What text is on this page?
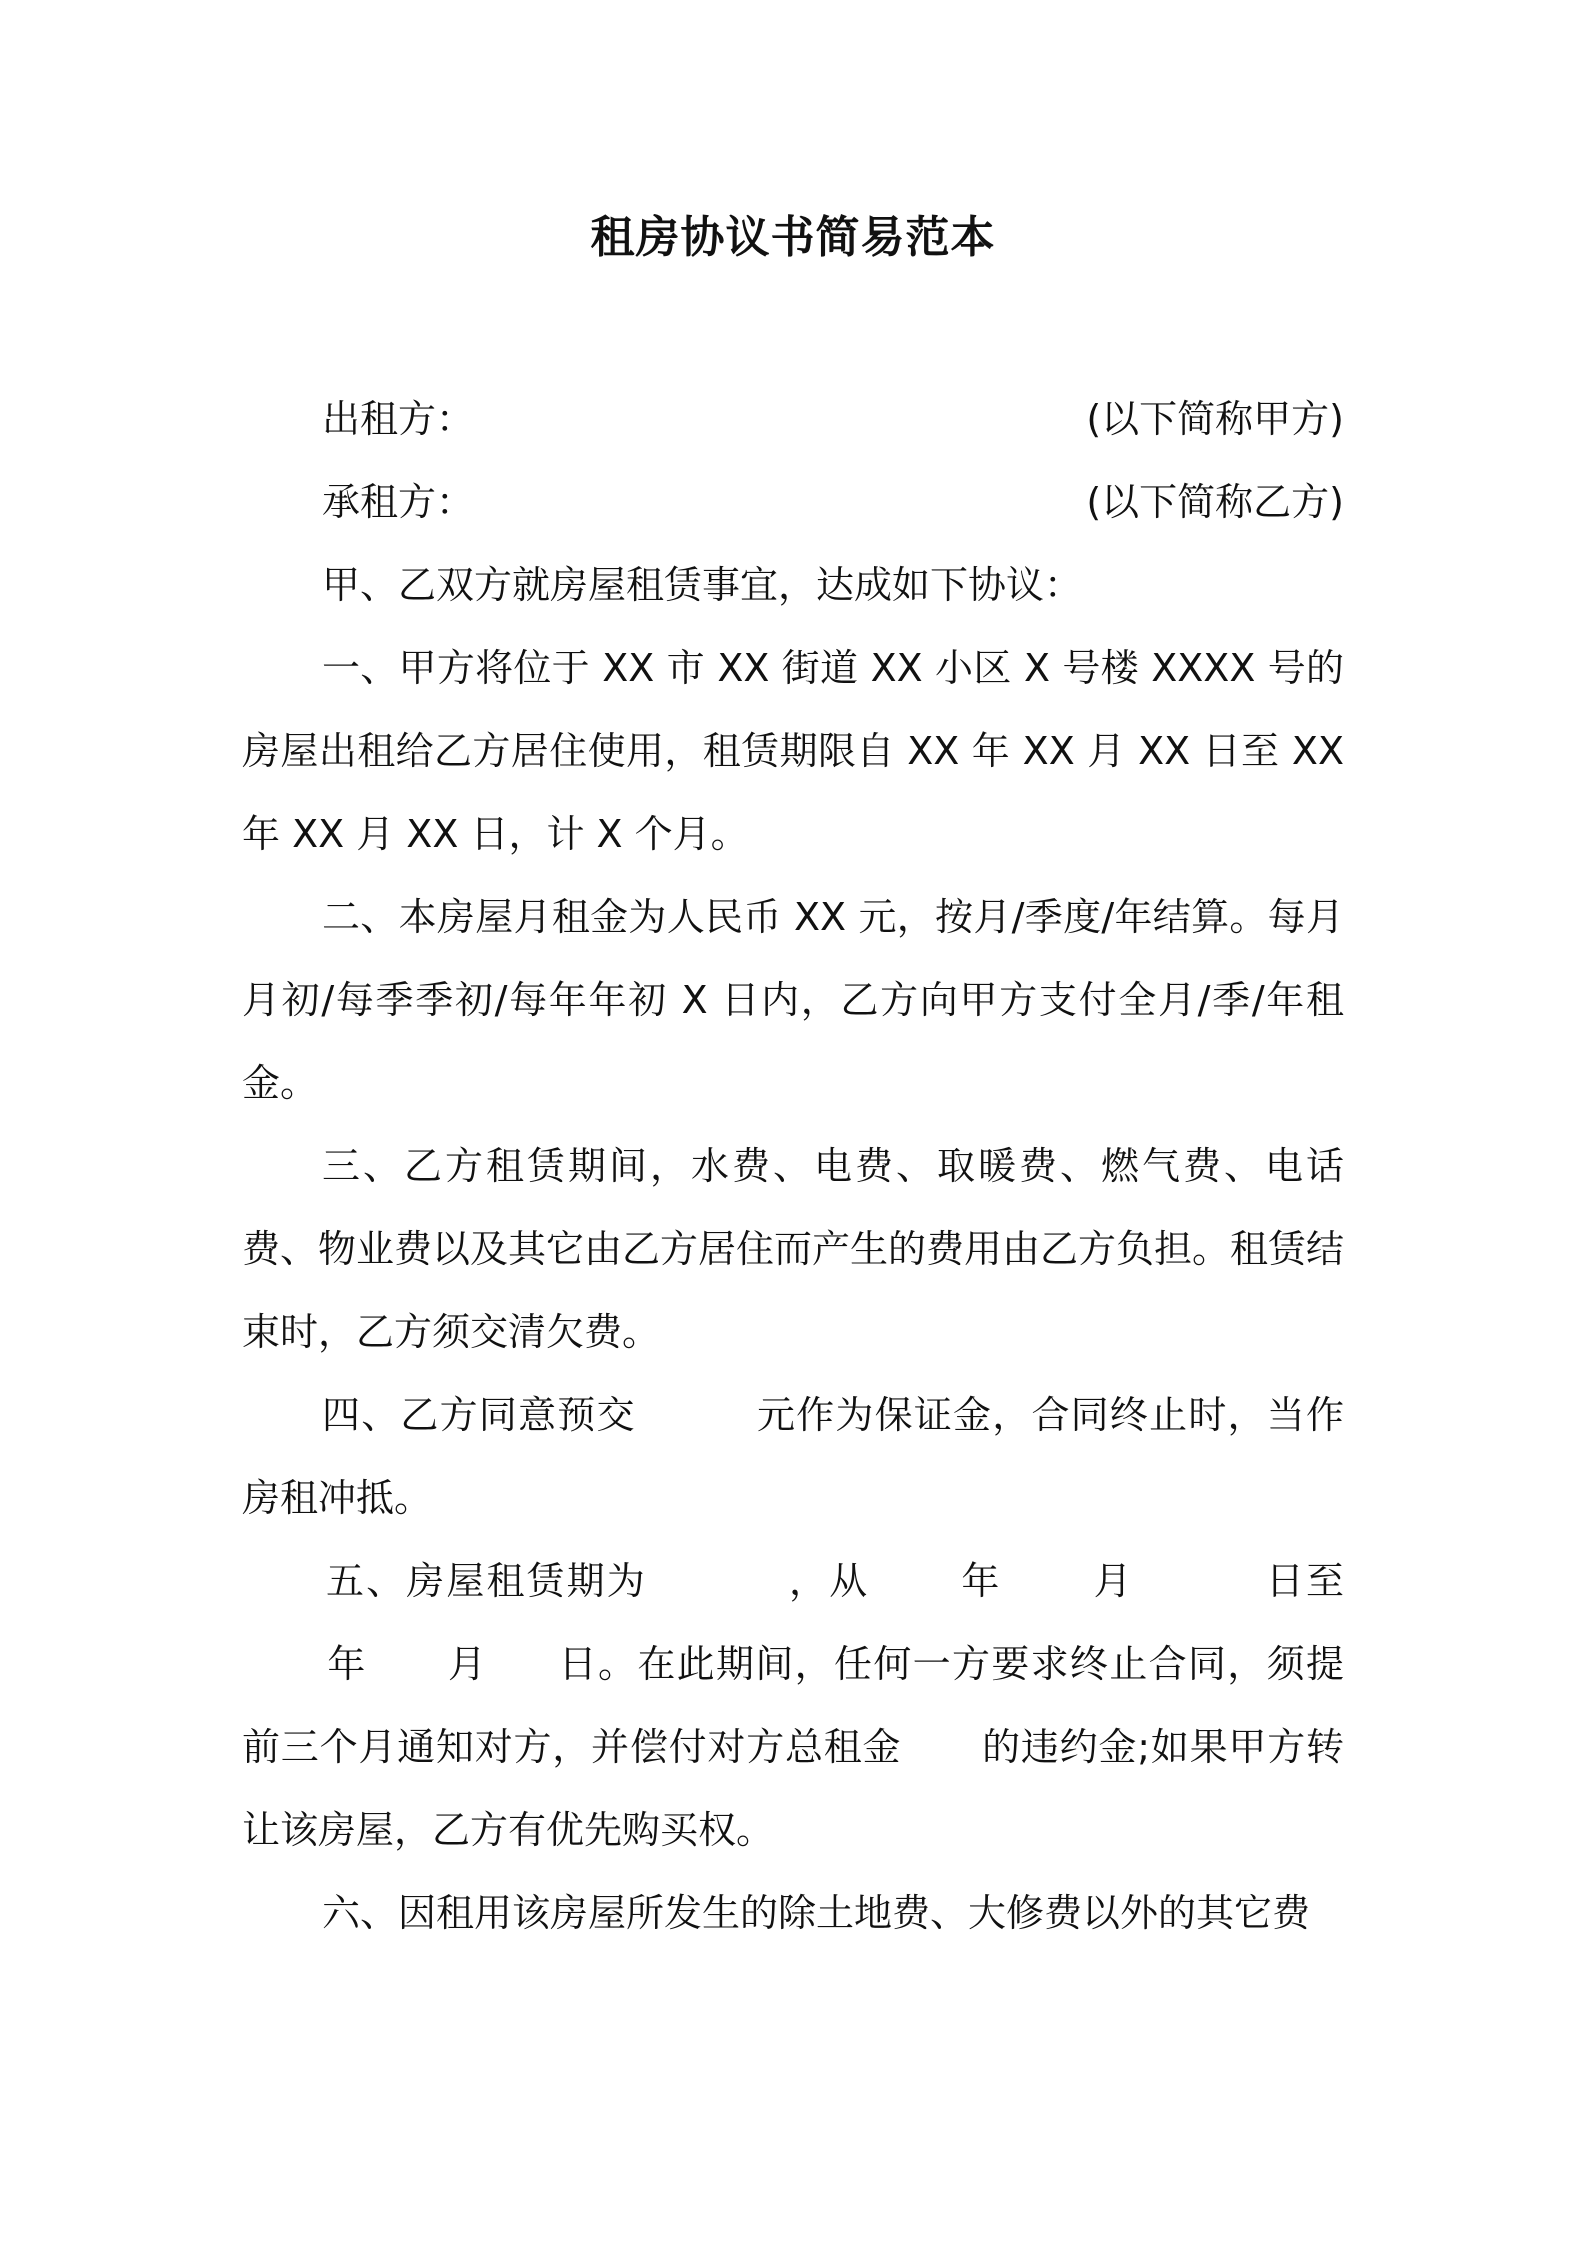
租房协议书简易范本
出租方：	(以下简称甲方)
承租方：	(以下简称乙方)
甲、乙双方就房屋租赁事宜，达成如下协议：
一、甲方将位于 XX 市 XX 街道 XX 小区 X 号楼 XXXX 号的房屋出租给乙方居住使用，租赁期限自 XX 年 XX 月 XX 日至 XX 年 XX 月 XX 日，计 X 个月。
二、本房屋月租金为人民币 XX 元，按月/季度/年结算。每月月初/每季季初/每年年初 X 日内，乙方向甲方支付全月/季/年租金。
三、乙方租赁期间，水费、电费、取暖费、燃气费、电话费、物业费以及其它由乙方居住而产生的费用由乙方负担。租赁结束时，乙方须交清欠费。
四、乙方同意预交	元作为保证金，合同终止时，当作房租冲抵。
五、房屋租赁期为	，从 年 月	日至年 月 日。在此期间，任何一方要求终止合同，须提前三个月通知对方，并偿付对方总租金 的违约金;如果甲方转让该房屋，乙方有优先购买权。
六、因租用该房屋所发生的除土地费、大修费以外的其它费
